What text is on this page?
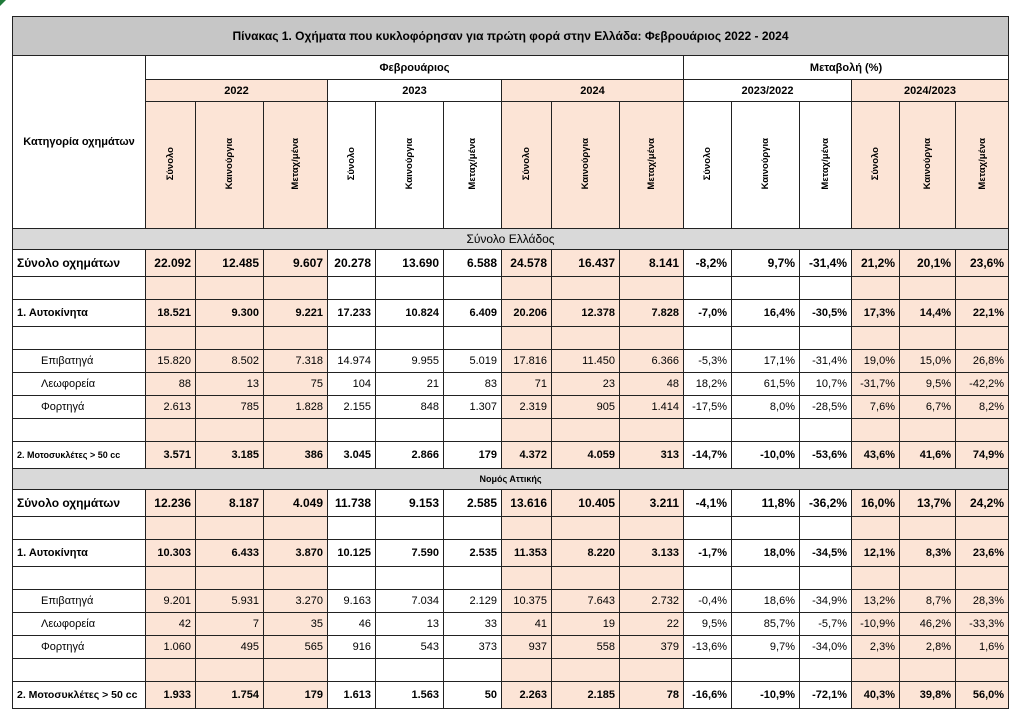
Πίνακας 1. Οχήματα που κυκλοφόρησαν για πρώτη φορά στην Ελλάδα: Φεβρουάριος 2022 - 2024															
Κατηγορία οχημάτων	Φεβρουάριος									Μεταβολή (%)					
	2022			2023			2024			2023/2022			2024/2023		
	Σύνολο	Καινούργια	Μεταχ/μένα	Σύνολο	Καινούργια	Μεταχ/μένα	Σύνολο	Καινούργια	Μεταχ/μένα	Σύνολο	Καινούργια	Μεταχ/μένα	Σύνολο	Καινούργια	Μεταχ/μένα
Σύνολο Ελλάδος															
Σύνολο οχημάτων	22.092	12.485	9.607	20.278	13.690	6.588	24.578	16.437	8.141	-8,2%	9,7%	-31,4%	21,2%	20,1%	23,6%

1. Αυτοκίνητα	18.521	9.300	9.221	17.233	10.824	6.409	20.206	12.378	7.828	-7,0%	16,4%	-30,5%	17,3%	14,4%	22,1%

Επιβατηγά	15.820	8.502	7.318	14.974	9.955	5.019	17.816	11.450	6.366	-5,3%	17,1%	-31,4%	19,0%	15,0%	26,8%
Λεωφορεία	88	13	75	104	21	83	71	23	48	18,2%	61,5%	10,7%	-31,7%	9,5%	-42,2%
Φορτηγά	2.613	785	1.828	2.155	848	1.307	2.319	905	1.414	-17,5%	8,0%	-28,5%	7,6%	6,7%	8,2%

2. Μοτοσυκλέτες > 50 cc	3.571	3.185	386	3.045	2.866	179	4.372	4.059	313	-14,7%	-10,0%	-53,6%	43,6%	41,6%	74,9%
Νομός Αττικής															
Σύνολο οχημάτων	12.236	8.187	4.049	11.738	9.153	2.585	13.616	10.405	3.211	-4,1%	11,8%	-36,2%	16,0%	13,7%	24,2%

1. Αυτοκίνητα	10.303	6.433	3.870	10.125	7.590	2.535	11.353	8.220	3.133	-1,7%	18,0%	-34,5%	12,1%	8,3%	23,6%

Επιβατηγά	9.201	5.931	3.270	9.163	7.034	2.129	10.375	7.643	2.732	-0,4%	18,6%	-34,9%	13,2%	8,7%	28,3%
Λεωφορεία	42	7	35	46	13	33	41	19	22	9,5%	85,7%	-5,7%	-10,9%	46,2%	-33,3%
Φορτηγά	1.060	495	565	916	543	373	937	558	379	-13,6%	9,7%	-34,0%	2,3%	2,8%	1,6%

2. Μοτοσυκλέτες > 50 cc	1.933	1.754	179	1.613	1.563	50	2.263	2.185	78	-16,6%	-10,9%	-72,1%	40,3%	39,8%	56,0%
